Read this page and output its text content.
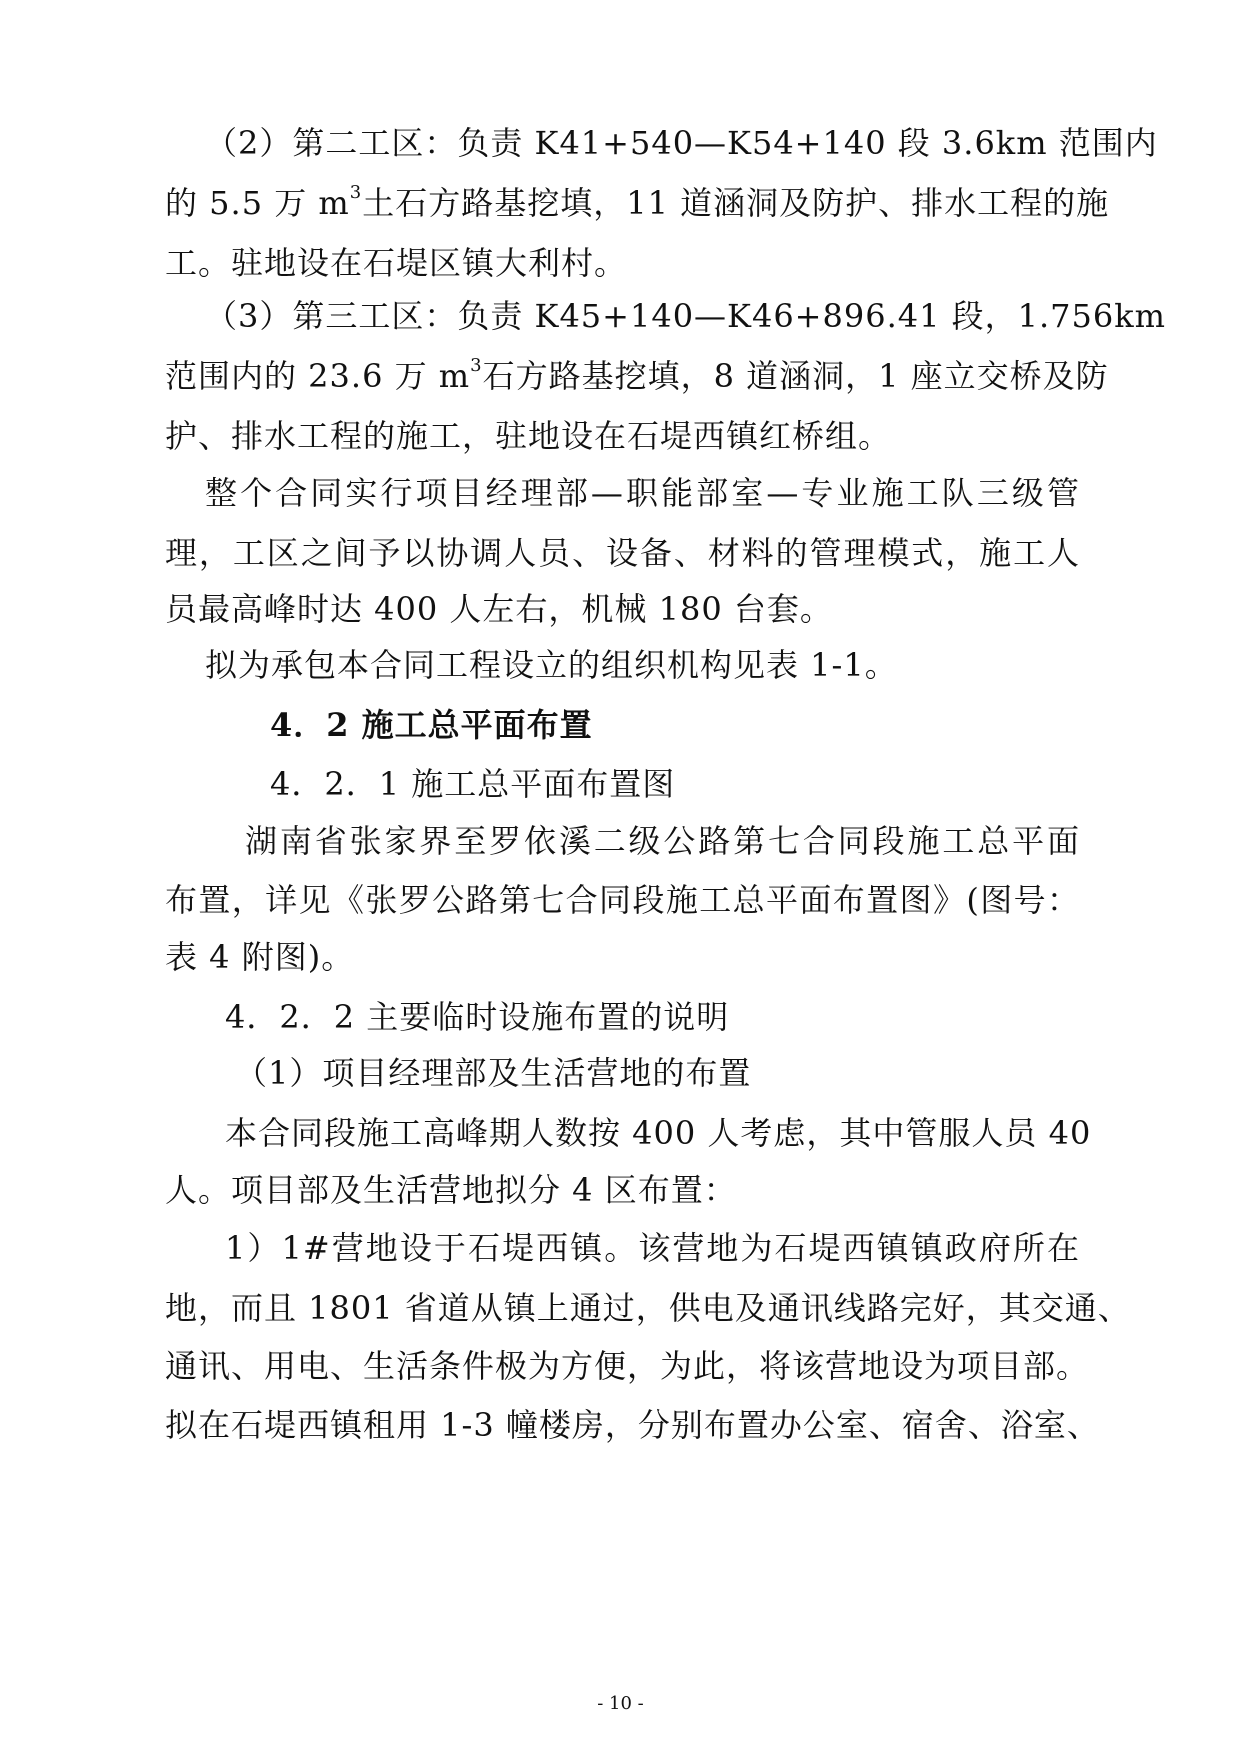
（2）第二工区：负责 K41+540—K54+140 段 3.6km 范围内
的 5.5 万 $m^3$土石方路基挖填，11 道涵洞及防护、排水工程的施
工。驻地设在石堤区镇大利村。
（3）第三工区：负责 K45+140—K46+896.41 段，1.756km
范围内的 23.6 万 $m^3$石方路基挖填，8 道涵洞，1 座立交桥及防
护、排水工程的施工，驻地设在石堤西镇红桥组。
整个合同实行项目经理部—职能部室—专业施工队三级管
理，工区之间予以协调人员、设备、材料的管理模式，施工人
员最高峰时达 400 人左右，机械 180 台套。
拟为承包本合同工程设立的组织机构见表 1-1。
4．2 施工总平面布置
4．2．1 施工总平面布置图
湖南省张家界至罗依溪二级公路第七合同段施工总平面
布置，详见《张罗公路第七合同段施工总平面布置图》(图号：
表 4 附图)。
4．2．2 主要临时设施布置的说明
（1）项目经理部及生活营地的布置
本合同段施工高峰期人数按 400 人考虑，其中管服人员 40
人。项目部及生活营地拟分 4 区布置：
1）1#营地设于石堤西镇。该营地为石堤西镇镇政府所在
地，而且 1801 省道从镇上通过，供电及通讯线路完好，其交通、
通讯、用电、生活条件极为方便，为此，将该营地设为项目部。
拟在石堤西镇租用 1-3 幢楼房，分别布置办公室、宿舍、浴室、
- 10 -
